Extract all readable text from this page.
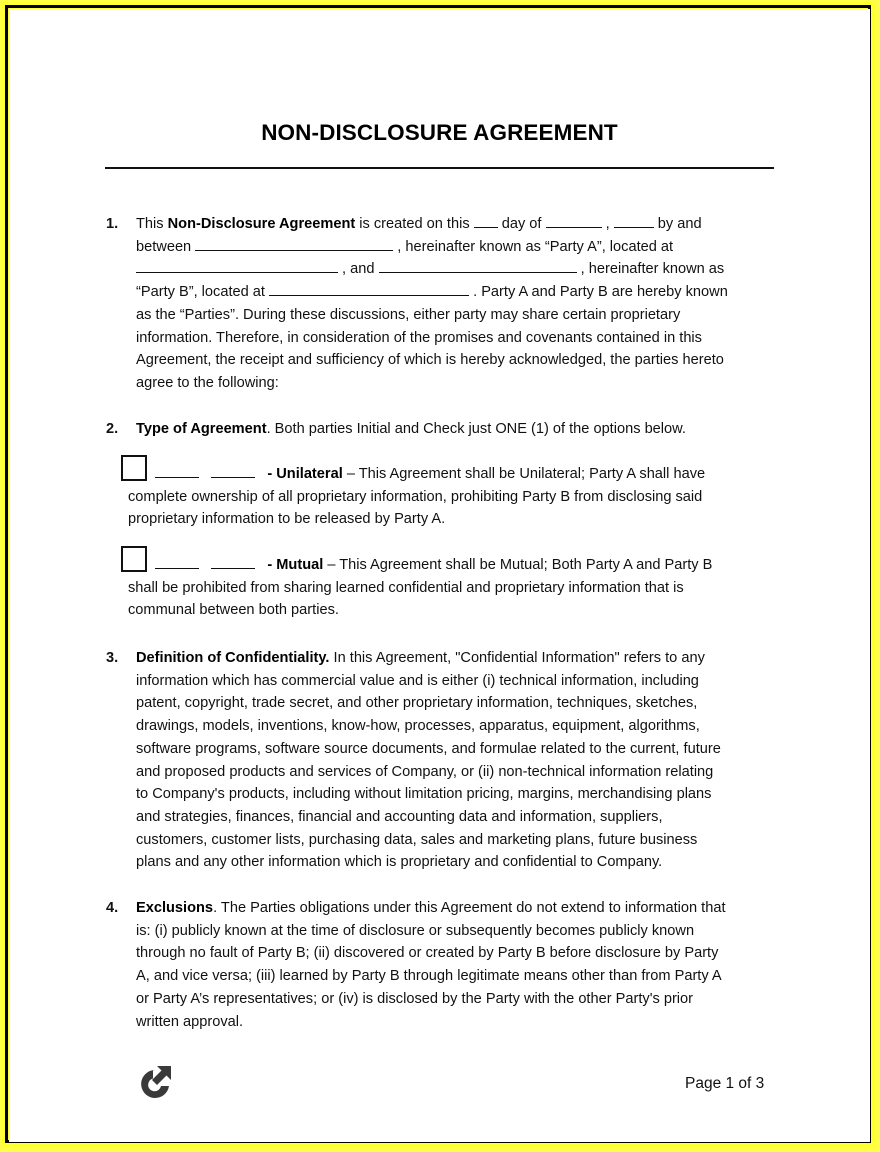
NON-DISCLOSURE AGREEMENT
1. This Non-Disclosure Agreement is created on this  day of	,	by and

between	, hereinafter known as “Party A”, located at

, and	, hereinafter known as

“Party B”, located at	. Party A and Party B are hereby known

as the “Parties”. During these discussions, either party may share certain proprietary

information. Therefore, in consideration of the promises and covenants contained in this

Agreement, the receipt and sufficiency of which is hereby acknowledged, the parties hereto

agree to the following:

2. Type of Agreement. Both parties Initial and Check just ONE (1) of the options below.

- Unilateral – This Agreement shall be Unilateral; Party A shall have

complete ownership of all proprietary information, prohibiting Party B from disclosing said

proprietary information to be released by Party A.

- Mutual – This Agreement shall be Mutual; Both Party A and Party B

shall be prohibited from sharing learned confidential and proprietary information that is

communal between both parties.

3. Definition of Confidentiality. In this Agreement, "Confidential Information" refers to any

information which has commercial value and is either (i) technical information, including

patent, copyright, trade secret, and other proprietary information, techniques, sketches,

drawings, models, inventions, know-how, processes, apparatus, equipment, algorithms,

software programs, software source documents, and formulae related to the current, future

and proposed products and services of Company, or (ii) non-technical information relating

to Company's products, including without limitation pricing, margins, merchandising plans

and strategies, finances, financial and accounting data and information, suppliers,

customers, customer lists, purchasing data, sales and marketing plans, future business

plans and any other information which is proprietary and confidential to Company.

4. Exclusions. The Parties obligations under this Agreement do not extend to information that

is: (i) publicly known at the time of disclosure or subsequently becomes publicly known

through no fault of Party B; (ii) discovered or created by Party B before disclosure by Party

A, and vice versa; (iii) learned by Party B through legitimate means other than from Party A

or Party A’s representatives; or (iv) is disclosed by the Party with the other Party's prior

written approval.

Page 1 of 3
